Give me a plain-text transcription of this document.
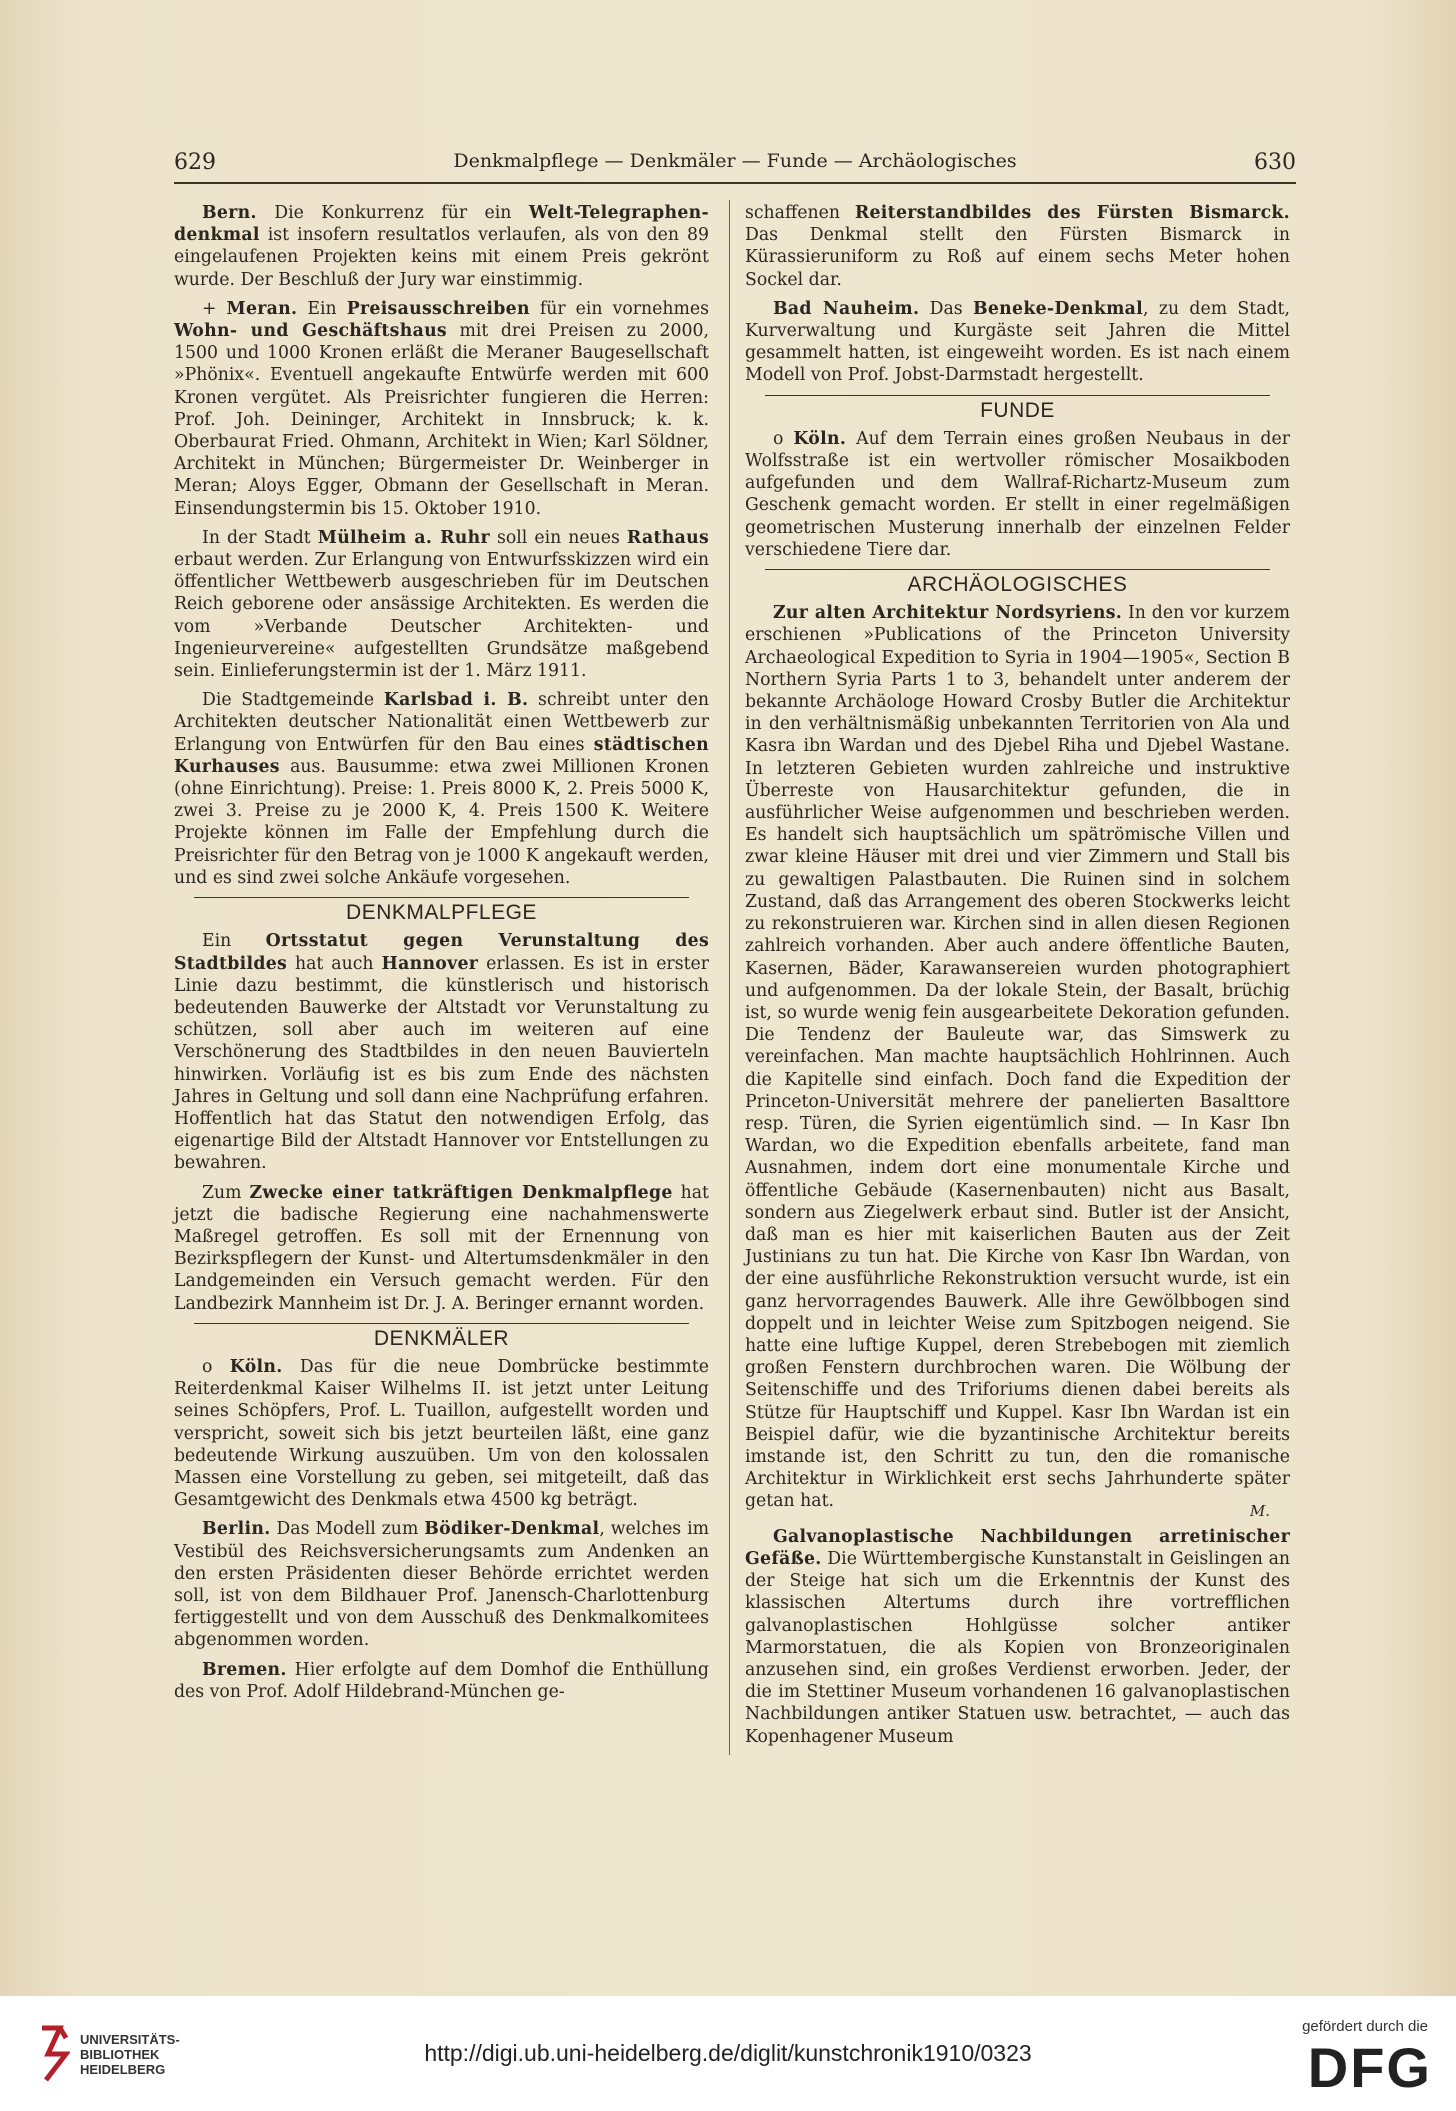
629	Denkmalpflege — Denkmäler — Funde — Archäologisches	630

Bern. Die Konkurrenz für ein Welt-Telegraphen-denkmal ist insofern resultatlos verlaufen, als von den 89 eingelaufenen Projekten keins mit einem Preis gekrönt wurde. Der Beschluß der Jury war einstimmig.

+ Meran. Ein Preisausschreiben für ein vornehmes Wohn- und Geschäftshaus mit drei Preisen zu 2000, 1500 und 1000 Kronen erläßt die Meraner Baugesellschaft »Phönix«. Eventuell angekaufte Entwürfe werden mit 600 Kronen vergütet. Als Preisrichter fungieren die Herren: Prof. Joh. Deininger, Architekt in Innsbruck; k. k. Oberbaurat Fried. Ohmann, Architekt in Wien; Karl Söldner, Architekt in München; Bürgermeister Dr. Weinberger in Meran; Aloys Egger, Obmann der Gesellschaft in Meran. Einsendungstermin bis 15. Oktober 1910.

In der Stadt Mülheim a. Ruhr soll ein neues Rathaus erbaut werden. Zur Erlangung von Entwurfsskizzen wird ein öffentlicher Wettbewerb ausgeschrieben für im Deutschen Reich geborene oder ansässige Architekten. Es werden die vom »Verbande Deutscher Architekten- und Ingenieurvereine« aufgestellten Grundsätze maßgebend sein. Einlieferungstermin ist der 1. März 1911.

Die Stadtgemeinde Karlsbad i. B. schreibt unter den Architekten deutscher Nationalität einen Wettbewerb zur Erlangung von Entwürfen für den Bau eines städtischen Kurhauses aus. Bausumme: etwa zwei Millionen Kronen (ohne Einrichtung). Preise: 1. Preis 8000 K, 2. Preis 5000 K, zwei 3. Preise zu je 2000 K, 4. Preis 1500 K. Weitere Projekte können im Falle der Empfehlung durch die Preisrichter für den Betrag von je 1000 K angekauft werden, und es sind zwei solche Ankäufe vorgesehen.

DENKMALPFLEGE

Ein Ortsstatut gegen Verunstaltung des Stadtbildes hat auch Hannover erlassen. Es ist in erster Linie dazu bestimmt, die künstlerisch und historisch bedeutenden Bauwerke der Altstadt vor Verunstaltung zu schützen, soll aber auch im weiteren auf eine Verschönerung des Stadtbildes in den neuen Bauvierteln hinwirken. Vorläufig ist es bis zum Ende des nächsten Jahres in Geltung und soll dann eine Nachprüfung erfahren. Hoffentlich hat das Statut den notwendigen Erfolg, das eigenartige Bild der Altstadt Hannover vor Entstellungen zu bewahren.

Zum Zwecke einer tatkräftigen Denkmalpflege hat jetzt die badische Regierung eine nachahmenswerte Maßregel getroffen. Es soll mit der Ernennung von Bezirkspflegern der Kunst- und Altertumsdenkmäler in den Landgemeinden ein Versuch gemacht werden. Für den Landbezirk Mannheim ist Dr. J. A. Beringer ernannt worden.

DENKMÄLER

o Köln. Das für die neue Dombrücke bestimmte Reiterdenkmal Kaiser Wilhelms II. ist jetzt unter Leitung seines Schöpfers, Prof. L. Tuaillon, aufgestellt worden und verspricht, soweit sich bis jetzt beurteilen läßt, eine ganz bedeutende Wirkung auszuüben. Um von den kolossalen Massen eine Vorstellung zu geben, sei mitgeteilt, daß das Gesamtgewicht des Denkmals etwa 4500 kg beträgt.

Berlin. Das Modell zum Bödiker-Denkmal, welches im Vestibül des Reichsversicherungsamts zum Andenken an den ersten Präsidenten dieser Behörde errichtet werden soll, ist von dem Bildhauer Prof. Janensch-Charlottenburg fertiggestellt und von dem Ausschuß des Denkmalkomitees abgenommen worden.

Bremen. Hier erfolgte auf dem Domhof die Enthüllung des von Prof. Adolf Hildebrand-München ge-

schaffenen Reiterstandbildes des Fürsten Bismarck. Das Denkmal stellt den Fürsten Bismarck in Kürassieruniform zu Roß auf einem sechs Meter hohen Sockel dar.

Bad Nauheim. Das Beneke-Denkmal, zu dem Stadt, Kurverwaltung und Kurgäste seit Jahren die Mittel gesammelt hatten, ist eingeweiht worden. Es ist nach einem Modell von Prof. Jobst-Darmstadt hergestellt.

FUNDE

o Köln. Auf dem Terrain eines großen Neubaus in der Wolfsstraße ist ein wertvoller römischer Mosaikboden aufgefunden und dem Wallraf-Richartz-Museum zum Geschenk gemacht worden. Er stellt in einer regelmäßigen geometrischen Musterung innerhalb der einzelnen Felder verschiedene Tiere dar.

ARCHÄOLOGISCHES

Zur alten Architektur Nordsyriens. In den vor kurzem erschienen »Publications of the Princeton University Archaeological Expedition to Syria in 1904—1905«, Section B Northern Syria Parts 1 to 3, behandelt unter anderem der bekannte Archäologe Howard Crosby Butler die Architektur in den verhältnismäßig unbekannten Territorien von Ala und Kasra ibn Wardan und des Djebel Riha und Djebel Wastane. In letzteren Gebieten wurden zahlreiche und instruktive Überreste von Hausarchitektur gefunden, die in ausführlicher Weise aufgenommen und beschrieben werden. Es handelt sich hauptsächlich um spätrömische Villen und zwar kleine Häuser mit drei und vier Zimmern und Stall bis zu gewaltigen Palastbauten. Die Ruinen sind in solchem Zustand, daß das Arrangement des oberen Stockwerks leicht zu rekonstruieren war. Kirchen sind in allen diesen Regionen zahlreich vorhanden. Aber auch andere öffentliche Bauten, Kasernen, Bäder, Karawansereien wurden photographiert und aufgenommen. Da der lokale Stein, der Basalt, brüchig ist, so wurde wenig fein ausgearbeitete Dekoration gefunden. Die Tendenz der Bauleute war, das Simswerk zu vereinfachen. Man machte hauptsächlich Hohlrinnen. Auch die Kapitelle sind einfach. Doch fand die Expedition der Princeton-Universität mehrere der panelierten Basalttore resp. Türen, die Syrien eigentümlich sind. — In Kasr Ibn Wardan, wo die Expedition ebenfalls arbeitete, fand man Ausnahmen, indem dort eine monumentale Kirche und öffentliche Gebäude (Kasernenbauten) nicht aus Basalt, sondern aus Ziegelwerk erbaut sind. Butler ist der Ansicht, daß man es hier mit kaiserlichen Bauten aus der Zeit Justinians zu tun hat. Die Kirche von Kasr Ibn Wardan, von der eine ausführliche Rekonstruktion versucht wurde, ist ein ganz hervorragendes Bauwerk. Alle ihre Gewölbbogen sind doppelt und in leichter Weise zum Spitzbogen neigend. Sie hatte eine luftige Kuppel, deren Strebebogen mit ziemlich großen Fenstern durchbrochen waren. Die Wölbung der Seitenschiffe und des Triforiums dienen dabei bereits als Stütze für Hauptschiff und Kuppel. Kasr Ibn Wardan ist ein Beispiel dafür, wie die byzantinische Architektur bereits imstande ist, den Schritt zu tun, den die romanische Architektur in Wirklichkeit erst sechs Jahrhunderte später getan hat.	M.

Galvanoplastische Nachbildungen arretinischer Gefäße. Die Württembergische Kunstanstalt in Geislingen an der Steige hat sich um die Erkenntnis der Kunst des klassischen Altertums durch ihre vortrefflichen galvanoplastischen Hohlgüsse solcher antiker Marmorstatuen, die als Kopien von Bronzeoriginalen anzusehen sind, ein großes Verdienst erworben. Jeder, der die im Stettiner Museum vorhandenen 16 galvanoplastischen Nachbildungen antiker Statuen usw. betrachtet, — auch das Kopenhagener Museum

UNIVERSITÄTS-
BIBLIOTHEK
HEIDELBERG
http://digi.ub.uni-heidelberg.de/diglit/kunstchronik1910/0323
gefördert durch die
DFG
